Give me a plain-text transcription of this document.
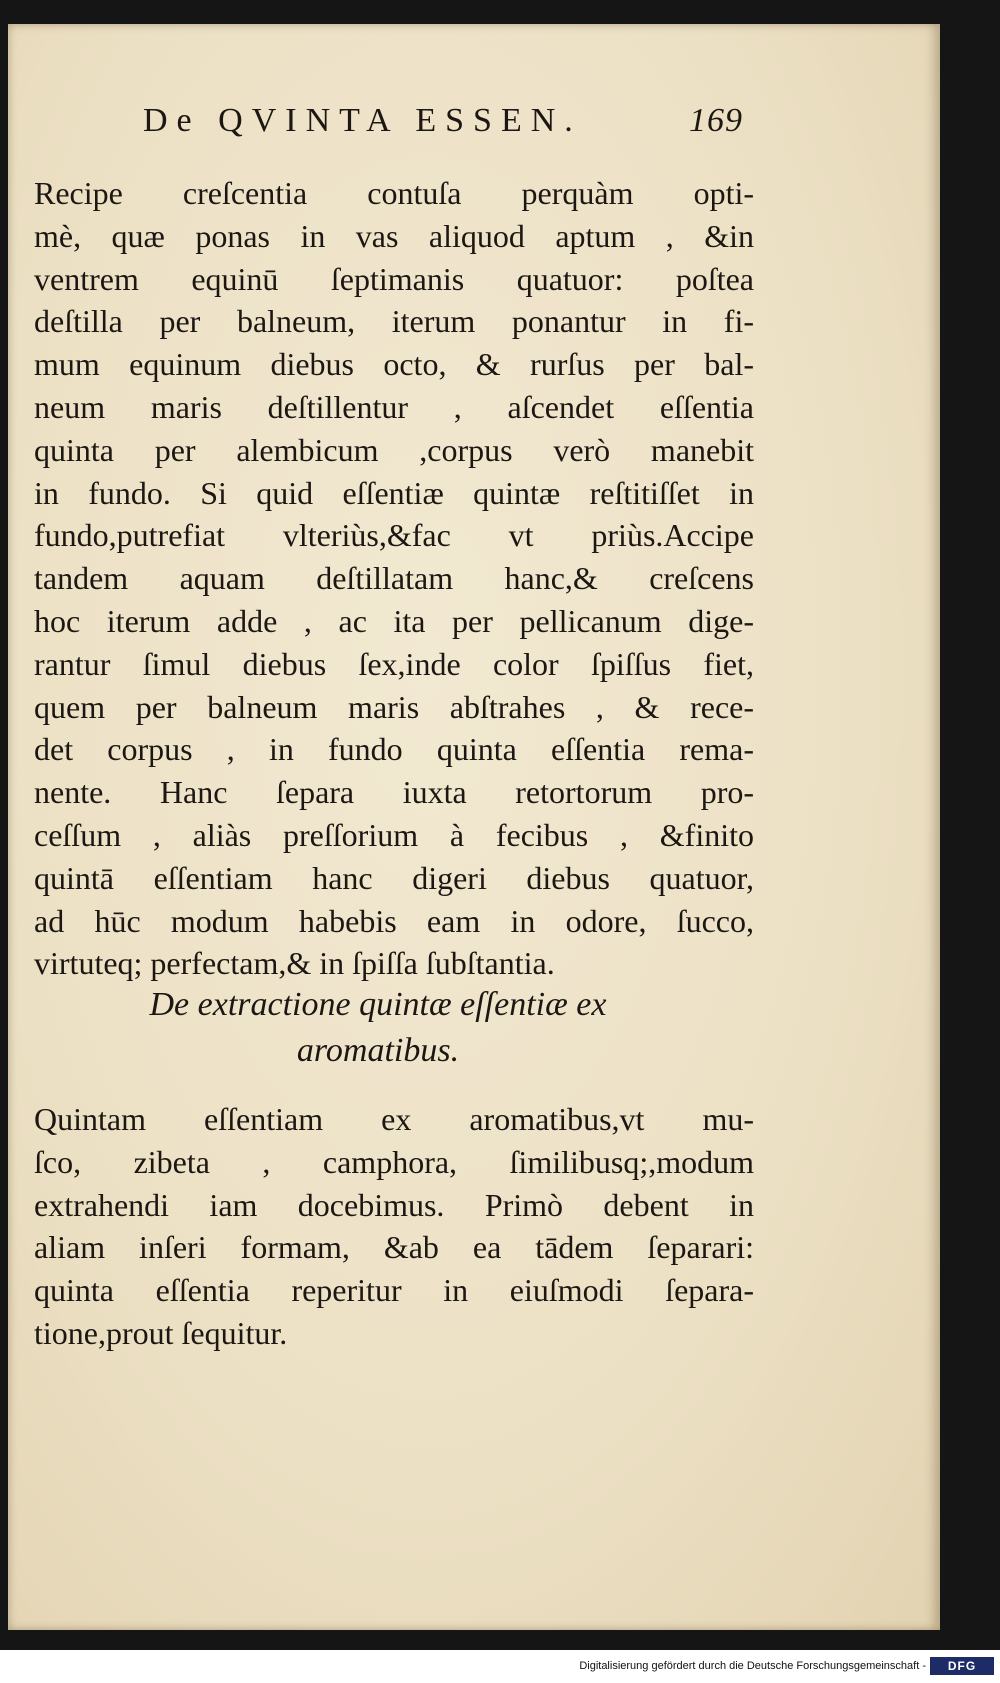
De QVINTA ESSEN.	169

Recipe creſcentia contuſa perquàm opti-
mè, quæ ponas in vas aliquod aptum , &in
ventrem equinū ſeptimanis quatuor: poſtea
deſtilla per balneum, iterum ponantur in fi-
mum equinum diebus octo, & rurſus per bal-
neum maris deſtillentur , aſcendet eſſentia
quinta per alembicum ,corpus verò manebit
in fundo. Si quid eſſentiæ quintæ reſtitiſſet in
fundo,putrefiat vlteriùs,&fac vt priùs.Accipe
tandem aquam deſtillatam hanc,& creſcens
hoc iterum adde , ac ita per pellicanum dige-
rantur ſimul diebus ſex,inde color ſpiſſus fiet,
quem per balneum maris abſtrahes , & rece-
det corpus , in fundo quinta eſſentia rema-
nente. Hanc ſepara iuxta retortorum pro-
ceſſum , aliàs preſſorium à fecibus , &finito
quintā eſſentiam hanc digeri diebus quatuor,
ad hūc modum habebis eam in odore, ſucco,
virtuteq; perfectam,& in ſpiſſa ſubſtantia.

De extractione quintæ eſſentiæ ex
aromatibus.

Quintam eſſentiam ex aromatibus,vt mu-
ſco, zibeta , camphora, ſimilibusq;,modum
extrahendi iam docebimus. Primò debent in
aliam inſeri formam, &ab ea tādem ſeparari:
quinta eſſentia reperitur in eiuſmodi ſepara-
tione,prout ſequitur.

Digitalisierung gefördert durch die Deutsche Forschungsgemeinschaft -	DFG
